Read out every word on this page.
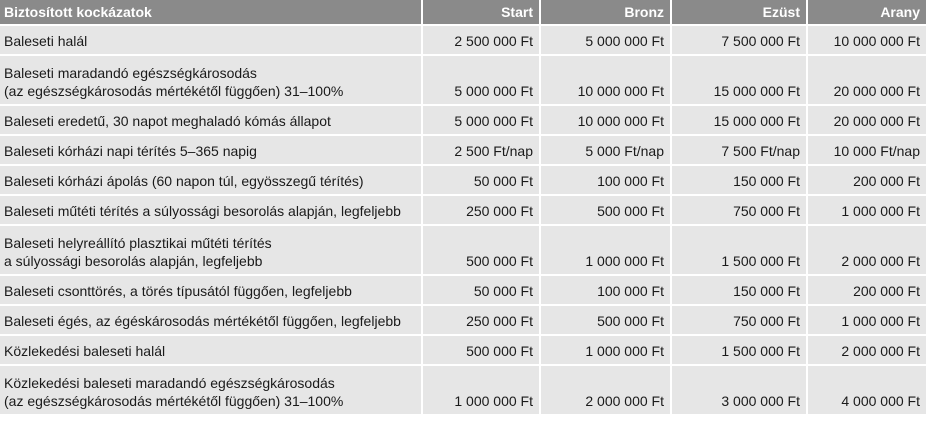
Biztosított kockázatok	Start	Bronz	Ezüst	Arany

Baleseti halál	2 500 000 Ft	5 000 000 Ft	7 500 000 Ft	10 000 000 Ft

Baleseti maradandó egészségkárosodás
(az egészségkárosodás mértékétől függően) 31–100%	5 000 000 Ft	10 000 000 Ft	15 000 000 Ft	20 000 000 Ft

Baleseti eredetű, 30 napot meghaladó kómás állapot	5 000 000 Ft	10 000 000 Ft	15 000 000 Ft	20 000 000 Ft

Baleseti kórházi napi térítés 5–365 napig	2 500 Ft/nap	5 000 Ft/nap	7 500 Ft/nap	10 000 Ft/nap

Baleseti kórházi ápolás (60 napon túl, egyösszegű térítés)	50 000 Ft	100 000 Ft	150 000 Ft	200 000 Ft

Baleseti műtéti térítés a súlyossági besorolás alapján, legfeljebb	250 000 Ft	500 000 Ft	750 000 Ft	1 000 000 Ft

Baleseti helyreállító plasztikai műtéti térítés
a súlyossági besorolás alapján, legfeljebb	500 000 Ft	1 000 000 Ft	1 500 000 Ft	2 000 000 Ft

Baleseti csonttörés, a törés típusától függően, legfeljebb	50 000 Ft	100 000 Ft	150 000 Ft	200 000 Ft

Baleseti égés, az égéskárosodás mértékétől függően, legfeljebb	250 000 Ft	500 000 Ft	750 000 Ft	1 000 000 Ft

Közlekedési baleseti halál	500 000 Ft	1 000 000 Ft	1 500 000 Ft	2 000 000 Ft

Közlekedési baleseti maradandó egészségkárosodás
(az egészségkárosodás mértékétől függően) 31–100%	1 000 000 Ft	2 000 000 Ft	3 000 000 Ft	4 000 000 Ft
